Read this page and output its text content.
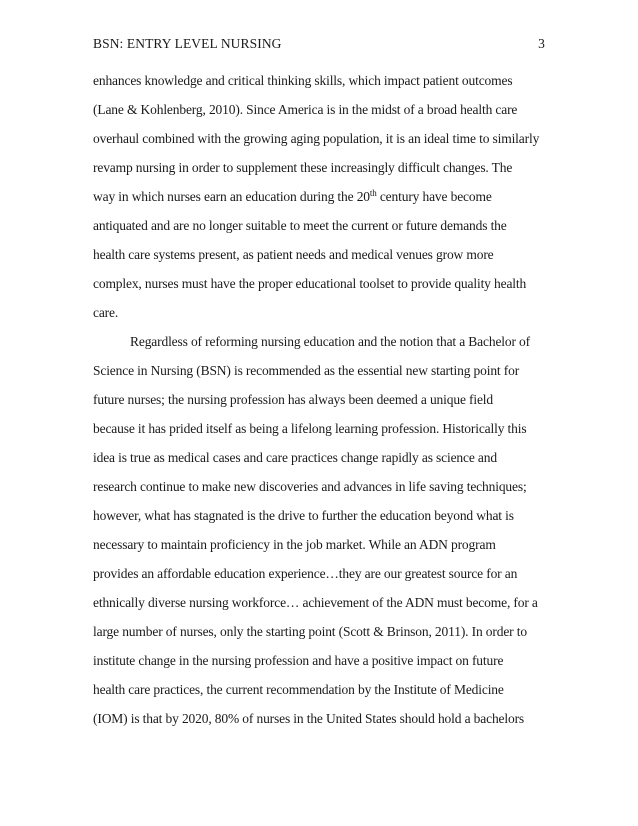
BSN: ENTRY LEVEL NURSING	3
enhances knowledge and critical thinking skills, which impact patient outcomes
(Lane & Kohlenberg, 2010). Since America is in the midst of a broad health care
overhaul combined with the growing aging population, it is an ideal time to similarly
revamp nursing in order to supplement these increasingly difficult changes. The
way in which nurses earn an education during the 20th century have become
antiquated and are no longer suitable to meet the current or future demands the
health care systems present, as patient needs and medical venues grow more
complex, nurses must have the proper educational toolset to provide quality health
care.
Regardless of reforming nursing education and the notion that a Bachelor of
Science in Nursing (BSN) is recommended as the essential new starting point for
future nurses; the nursing profession has always been deemed a unique field
because it has prided itself as being a lifelong learning profession. Historically this
idea is true as medical cases and care practices change rapidly as science and
research continue to make new discoveries and advances in life saving techniques;
however, what has stagnated is the drive to further the education beyond what is
necessary to maintain proficiency in the job market. While an ADN program
provides an affordable education experience…they are our greatest source for an
ethnically diverse nursing workforce… achievement of the ADN must become, for a
large number of nurses, only the starting point (Scott & Brinson, 2011). In order to
institute change in the nursing profession and have a positive impact on future
health care practices, the current recommendation by the Institute of Medicine
(IOM) is that by 2020, 80% of nurses in the United States should hold a bachelors
